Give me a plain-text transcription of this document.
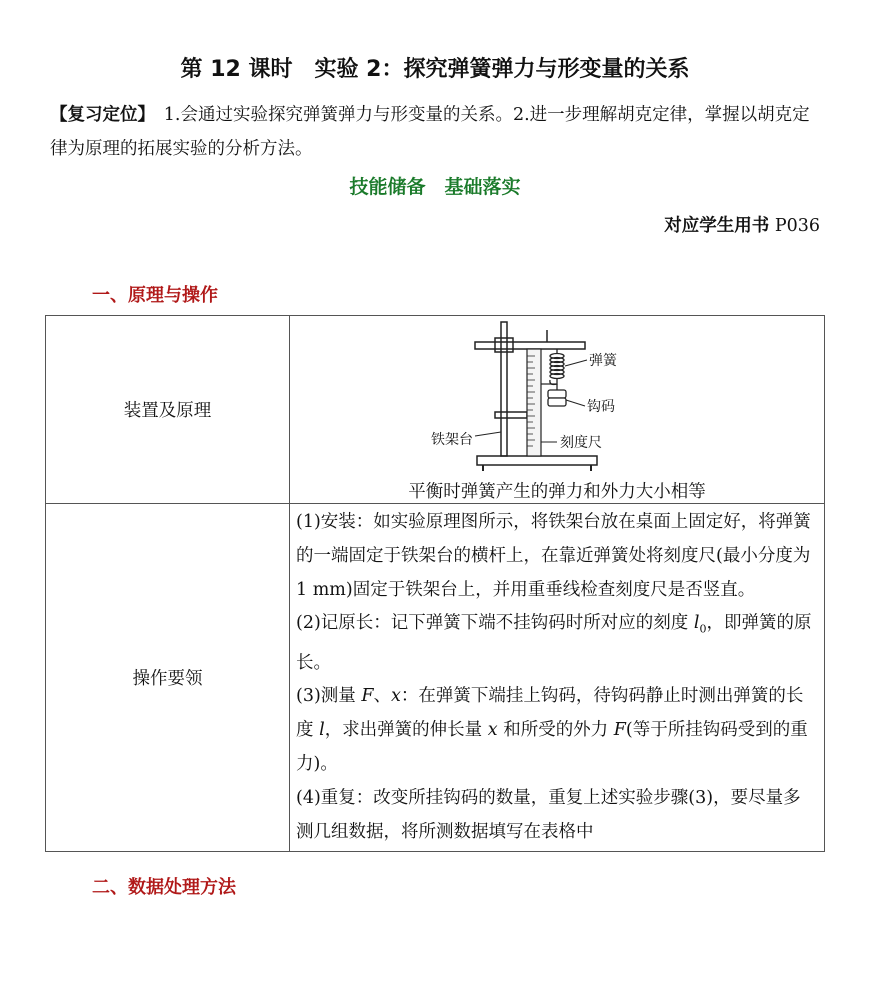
第 12 课时　实验 2：探究弹簧弹力与形变量的关系
【复习定位】　1.会通过实验探究弹簧弹力与形变量的关系。2.进一步理解胡克定律，掌握以胡克定律为原理的拓展实验的分析方法。
技能储备　基础落实
对应学生用书 P036
一、原理与操作
装置及原理	弹簧
钩码
铁架台 刻度尺
平衡时弹簧产生的弹力和外力大小相等

操作要领	(1)安装：如实验原理图所示，将铁架台放在桌面上固定好，将弹簧的一端固定于铁架台的横杆上，在靠近弹簧处将刻度尺(最小分度为 1 mm)固定于铁架台上，并用重垂线检查刻度尺是否竖直。
(2)记原长：记下弹簧下端不挂钩码时所对应的刻度 $l_0$，即弹簧的原长。
(3)测量 F、x：在弹簧下端挂上钩码，待钩码静止时测出弹簧的长度 l，求出弹簧的伸长量 x 和所受的外力 F(等于所挂钩码受到的重力)。
(4)重复：改变所挂钩码的数量，重复上述实验步骤(3)，要尽量多测几组数据，将所测数据填写在表格中
二、数据处理方法
